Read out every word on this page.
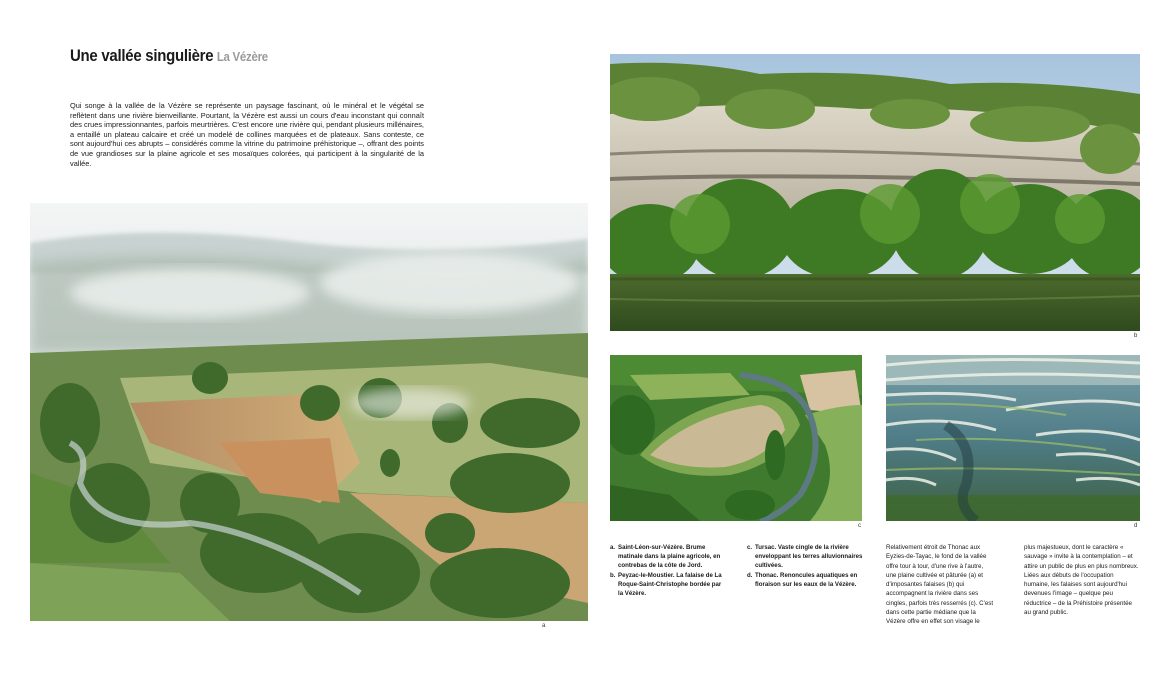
Une vallée singulière La Vézère
Qui songe à la vallée de la Vézère se représente un paysage fascinant, où le minéral et le végétal se reflètent dans une rivière bienveillante. Pourtant, la Vézère est aussi un cours d'eau inconstant qui connaît des crues impressionnantes, parfois meurtrières. C'est encore une rivière qui, pendant plusieurs millénaires, a entaillé un plateau calcaire et créé un modelé de collines marquées et de plateaux. Sans conteste, ce sont aujourd'hui ces abrupts – considérés comme la vitrine du patrimoine préhistorique –, offrant des points de vue grandioses sur la plaine agricole et ses mosaïques colorées, qui participent à la singularité de la vallée.
a
b
c	d
a. Saint-Léon-sur-Vézère. Brume matinale dans la plaine agricole, en contrebas de la côte de Jord.
b. Peyzac-le-Moustier. La falaise de La Roque-Saint-Christophe bordée par la Vézère.
c. Tursac. Vaste cingle de la rivière enveloppant les terres alluvionnaires cultivées.
d. Thonac. Renoncules aquatiques en floraison sur les eaux de la Vézère.
Relativement étroit de Thonac aux Eyzies-de-Tayac, le fond de la vallée offre tour à tour, d'une rive à l'autre, une plaine cultivée et pâturée (a) et d'imposantes falaises (b) qui accompagnent la rivière dans ses cingles, parfois très resserrés (c). C'est dans cette partie médiane que la Vézère offre en effet son visage le
plus majestueux, dont le caractère « sauvage » invite à la contemplation – et attire un public de plus en plus nombreux. Liées aux débuts de l'occupation humaine, les falaises sont aujourd'hui devenues l'image – quelque peu réductrice – de la Préhistoire présentée au grand public.
